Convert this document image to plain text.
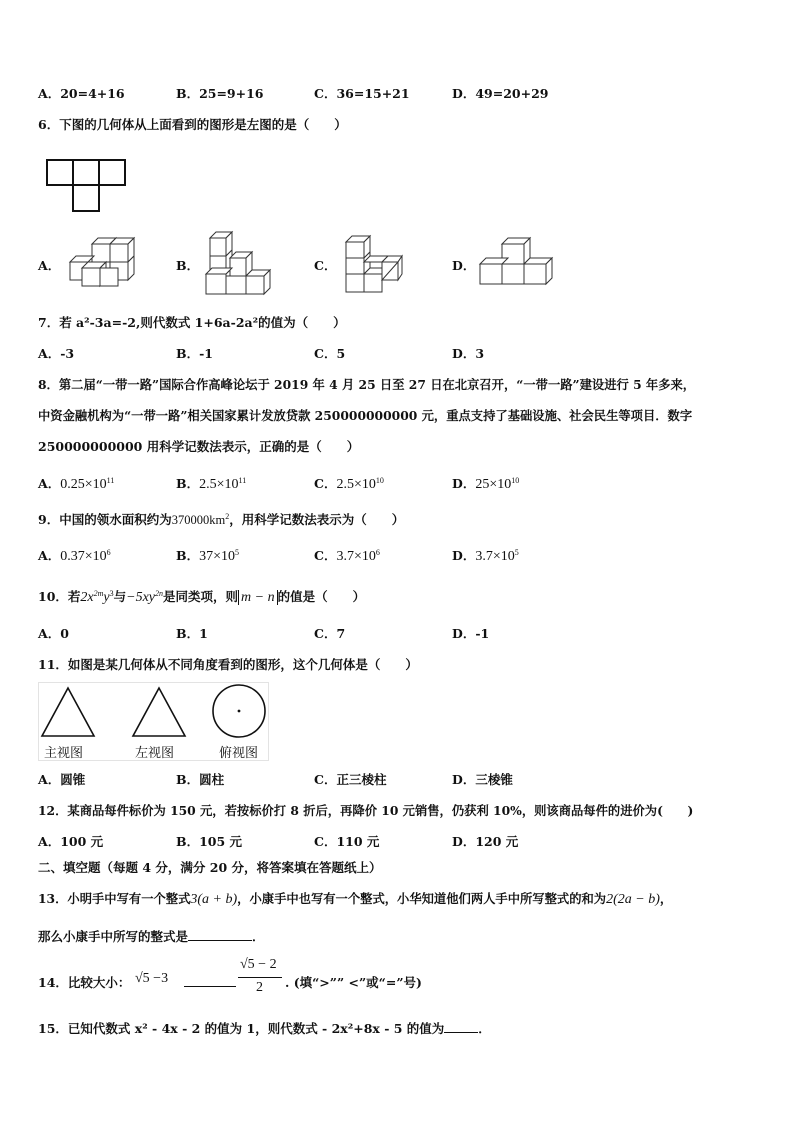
A．20=4+16	B．25=9+16	C．36=15+21	D．49=20+29
6．下图的几何体从上面看到的图形是左图的是（　　）
A．	B．	C．	D．
7．若 a²-3a=-2,则代数式 1+6a-2a²的值为（　　）
A．-3	B．-1	C．5	D．3
8．第二届“一带一路”国际合作高峰论坛于 2019 年 4 月 25 日至 27 日在北京召开，“一带一路”建设进行 5 年多来，
中资金融机构为“一带一路”相关国家累计发放贷款 250000000000 元，重点支持了基础设施、社会民生等项目．数字
250000000000 用科学记数法表示，正确的是（　　）
A．$0.25\times 10^{11}$	B．$2.5\times 10^{11}$	C．$2.5\times 10^{10}$	D．$25\times 10^{10}$
9．中国的领水面积约为$370000km^2$，用科学记数法表示为（　　）
A．$0.37\times 10^6$	B．$37\times 10^5$	C．$3.7\times 10^6$	D．$3.7\times 10^5$
10．若$2x^{2m}y^3$与$-5xy^{2n}$是同类项，则 m − n 的值是（　　）
A．0	B．1	C．7	D．-1
11．如图是某几何体从不同角度看到的图形，这个几何体是（　　）
主视图	左视图	俯视图
A．圆锥	B．圆柱	C．正三棱柱	D．三棱锥
12．某商品每件标价为 150 元，若按标价打 8 折后，再降价 10 元销售，仍获利 10%，则该商品每件的进价为(　　)
A．100 元	B．105 元	C．110 元	D．120 元
二、填空题（每题 4 分，满分 20 分，将答案填在答题纸上）
13．小明手中写有一个整式3(a + b)，小康手中也写有一个整式，小华知道他们两人手中所写整式的和为2(2a − b)，
那么小康手中所写的整式是	．
14．比较大小： √5 −3
√5 − 2
2 . (填“>”” <”或“=”号)
15．已知代数式 x² - 4x - 2 的值为 1，则代数式 - 2x²+8x - 5 的值为	．
